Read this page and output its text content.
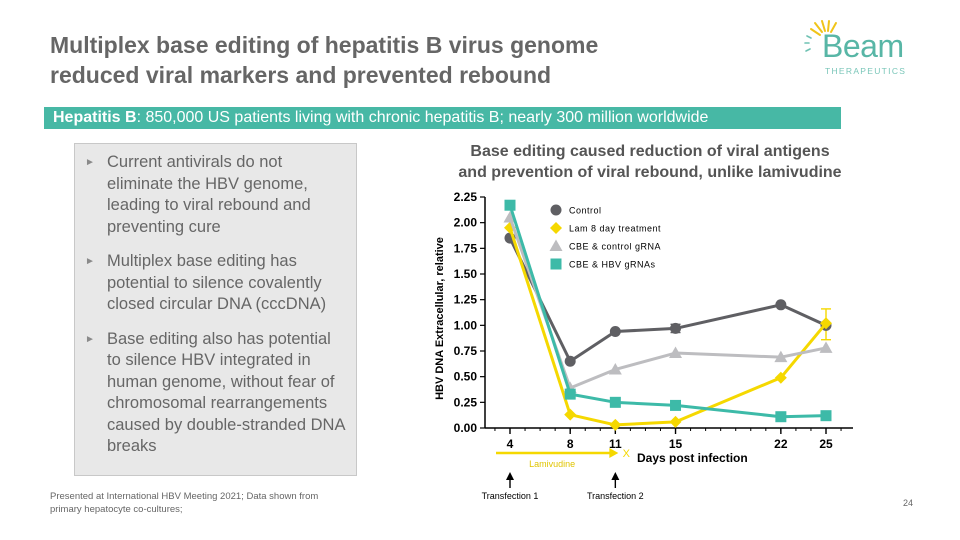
Multiplex base editing of hepatitis B virus genome
reduced viral markers and prevented rebound
Beam
THERAPEUTICS
Hepatitis B: 850,000 US patients living with chronic hepatitis B; nearly 300 million worldwide
► Current antivirals do not eliminate the HBV genome, leading to viral rebound and preventing cure
► Multiplex base editing has potential to silence covalently closed circular DNA (cccDNA)
► Base editing also has potential to silence HBV integrated in human genome, without fear of chromosomal rearrangements caused by double-stranded DNA breaks
Presented at International HBV Meeting 2021; Data shown from primary hepatocyte co-cultures;
24
Base editing caused reduction of viral antigens
and prevention of viral rebound, unlike lamivudine
0.00
0.25
0.50
0.75
1.00
1.25
1.50
1.75
2.00
2.25
4	8	11	15	22	25
HBV DNA Extracellular, relative
Days post infection
Control
Lam 8 day treatment
CBE & control gRNA
CBE & HBV gRNAs
X
Lamivudine
Transfection 1	Transfection 2
